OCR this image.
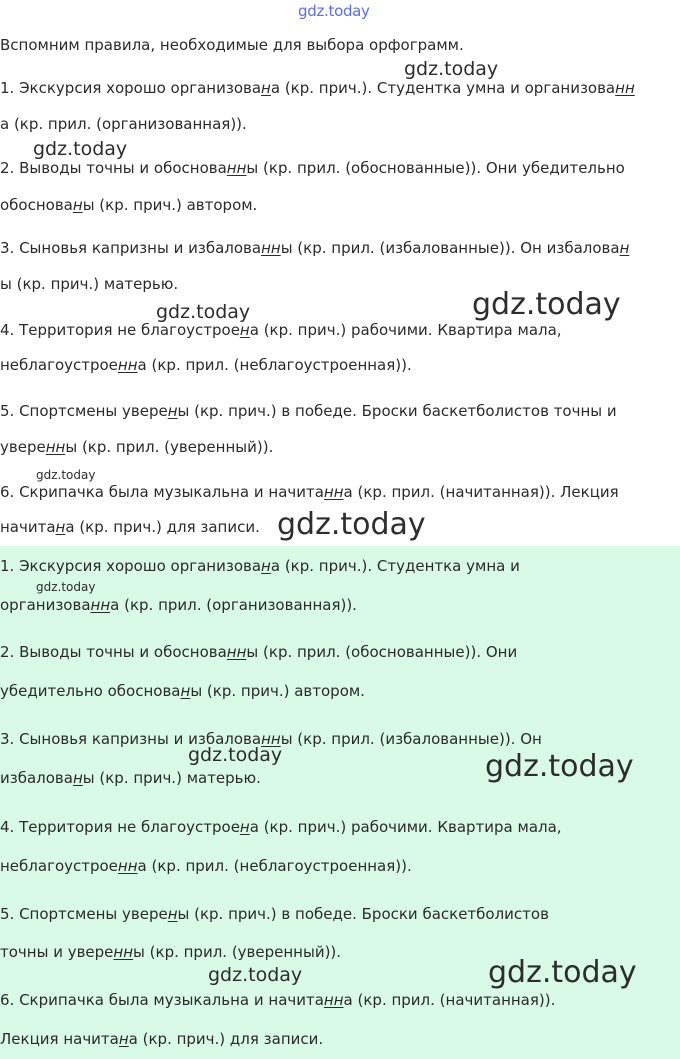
Вспомним правила, необходимые для выбора орфограмм.
1. Экскурсия хорошо организована (кр. прич.). Студентка умна и организованн
а (кр. прил. (организованная)).
2. Выводы точны и обоснованны (кр. прил. (обоснованные)). Они убедительно
обоснованы (кр. прич.) автором.
3. Сыновья капризны и избалованны (кр. прил. (избалованные)). Он избалован
ы (кр. прич.) матерью.
4. Территория не благоустроена (кр. прич.) рабочими. Квартира мала,
неблагоустроенна (кр. прил. (неблагоустроенная)).
5. Спортсмены уверены (кр. прич.) в победе. Броски баскетболистов точны и
уверенны (кр. прил. (уверенный)).
6. Скрипачка была музыкальна и начитанна (кр. прил. (начитанная)). Лекция
начитана (кр. прич.) для записи.
1. Экскурсия хорошо организована (кр. прич.). Студентка умна и
организованна (кр. прил. (организованная)).
2. Выводы точны и обоснованны (кр. прил. (обоснованные)). Они
убедительно обоснованы (кр. прич.) автором.
3. Сыновья капризны и избалованны (кр. прил. (избалованные)). Он
избалованы (кр. прич.) матерью.
4. Территория не благоустроена (кр. прич.) рабочими. Квартира мала,
неблагоустроенна (кр. прил. (неблагоустроенная)).
5. Спортсмены уверены (кр. прич.) в победе. Броски баскетболистов
точны и уверенны (кр. прил. (уверенный)).
6. Скрипачка была музыкальна и начитанна (кр. прил. (начитанная)).
Лекция начитана (кр. прич.) для записи.
gdz.today
gdz.today
gdz.today
gdz.today	gdz.today
gdz.today
gdz.today
gdz.today
gdz.today	gdz.today
gdz.today	gdz.today
